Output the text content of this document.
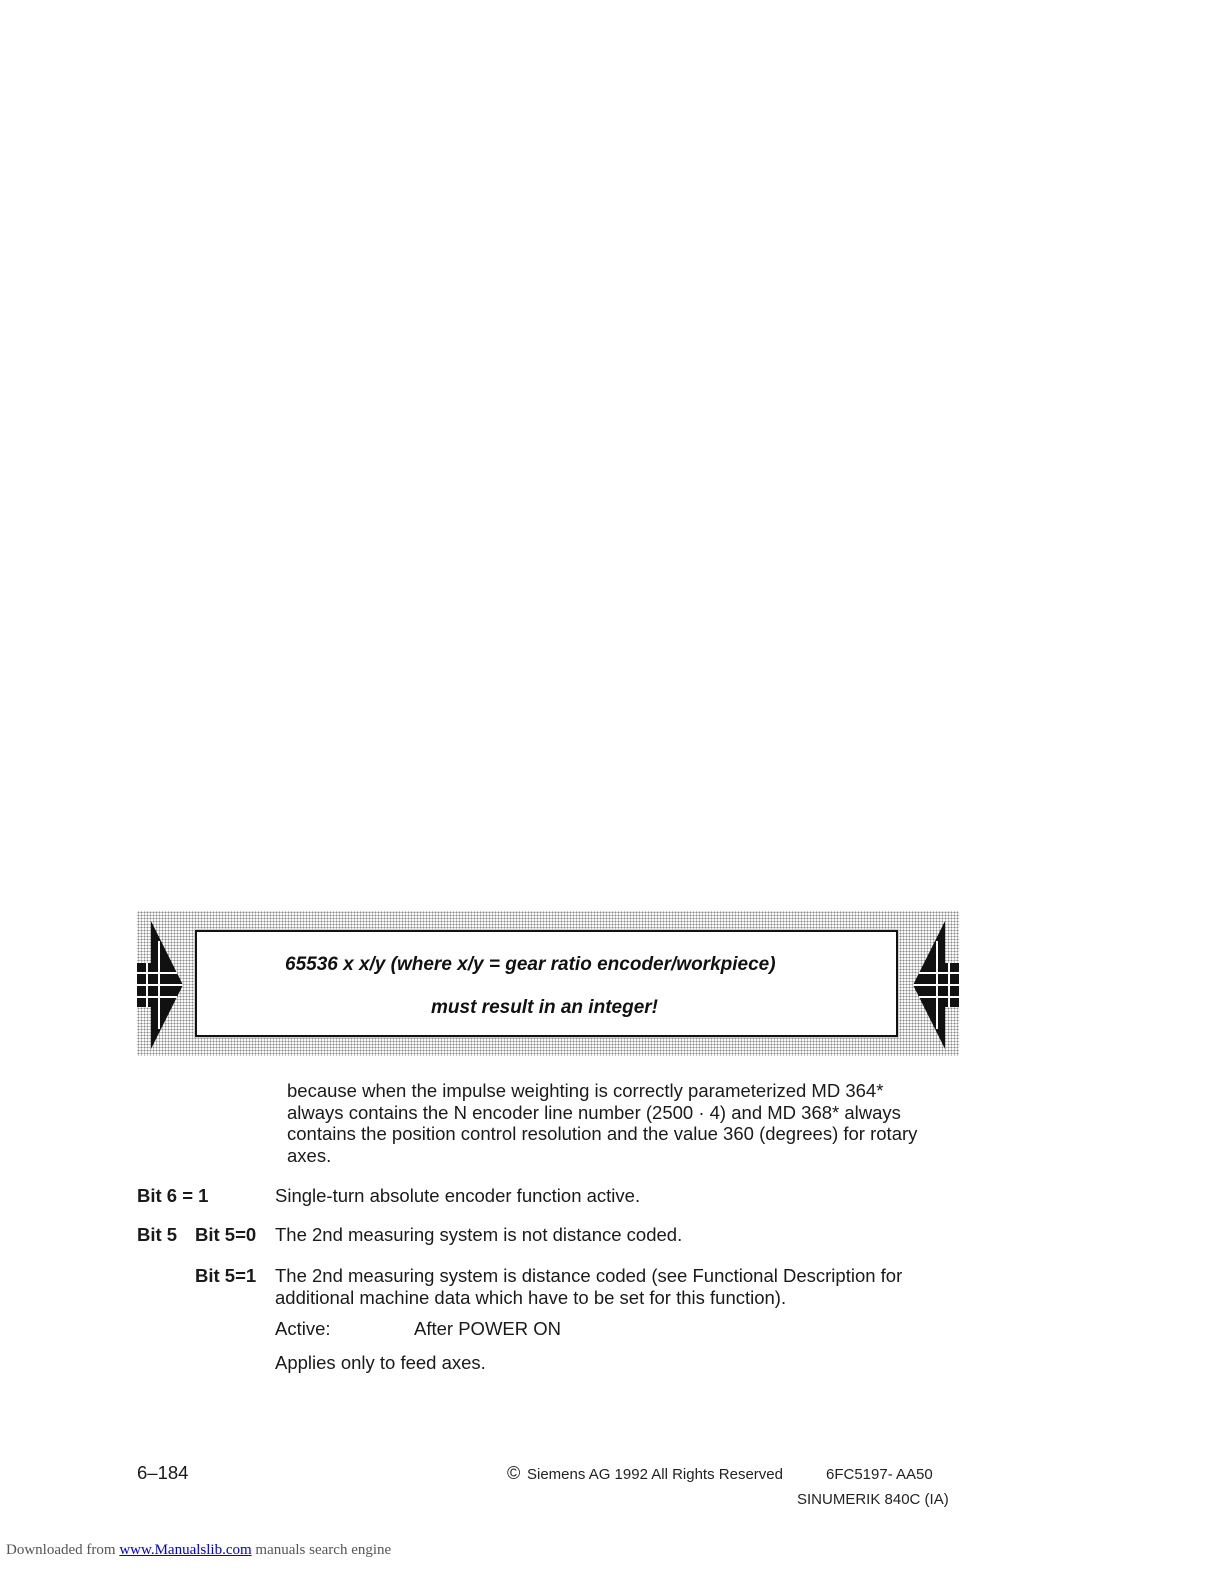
65536 x x/y (where x/y = gear ratio encoder/workpiece)
must result in an integer!
because when the impulse weighting is correctly parameterized MD 364*
always contains the N encoder line number (2500 · 4) and MD 368* always
contains the position control resolution and the value 360 (degrees) for rotary
axes.
Bit 6 = 1	Single-turn absolute encoder function active.
Bit 5 Bit 5=0 The 2nd measuring system is not distance coded.
Bit 5=1 The 2nd measuring system is distance coded (see Functional Description for
additional machine data which have to be set for this function).
Active:	After POWER ON
Applies only to feed axes.
6–184	© Siemens AG 1992 All Rights Reserved	6FC5197- AA50
SINUMERIK 840C (IA)
Downloaded from www.Manualslib.com manuals search engine
